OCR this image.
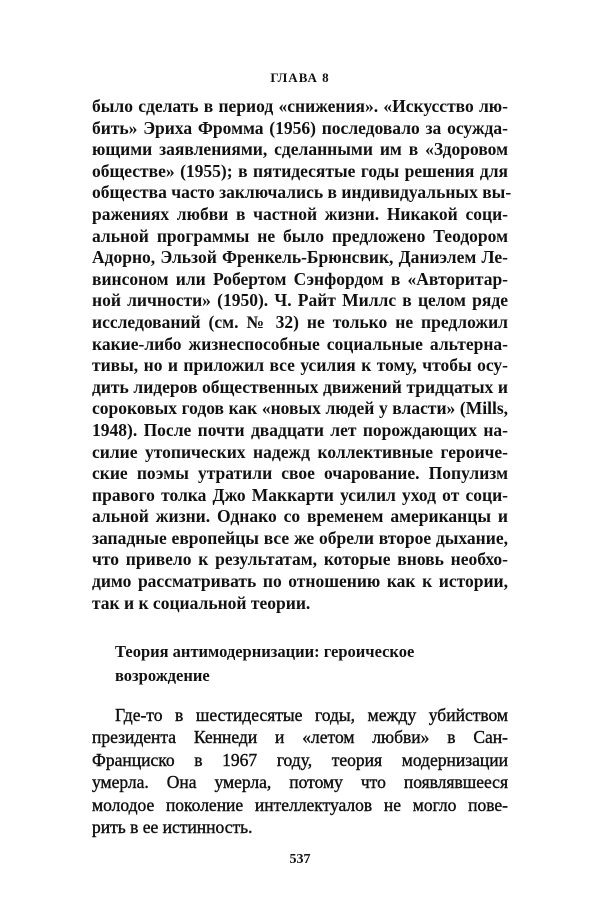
ГЛАВА 8
было сделать в период «снижения». «Искусство лю-
бить» Эриха Фромма (1956) последовало за осужда-
ющими заявлениями, сделанными им в «Здоровом
обществе» (1955); в пятидесятые годы решения для
общества часто заключались в индивидуальных вы-
ражениях любви в частной жизни. Никакой соци-
альной программы не было предложено Теодором
Адорно, Эльзой Френкель-Брюнсвик, Даниэлем Ле-
винсоном или Робертом Сэнфордом в «Авторитар-
ной личности» (1950). Ч. Райт Миллс в целом ряде
исследований (см. № 32) не только не предложил
какие-либо жизнеспособные социальные альтерна-
тивы, но и приложил все усилия к тому, чтобы осу-
дить лидеров общественных движений тридцатых и
сороковых годов как «новых людей у власти» (Mills,
1948). После почти двадцати лет порождающих на-
силие утопических надежд коллективные героиче-
ские поэмы утратили свое очарование. Популизм
правого толка Джо Маккарти усилил уход от соци-
альной жизни. Однако со временем американцы и
западные европейцы все же обрели второе дыхание,
что привело к результатам, которые вновь необхо-
димо рассматривать по отношению как к истории,
так и к социальной теории.
Теория антимодернизации: героическое
возрождение
Где-то в шестидесятые годы, между убийством
президента Кеннеди и «летом любви» в Сан-
Франциско в 1967 году, теория модернизации
умерла. Она умерла, потому что появлявшееся
молодое поколение интеллектуалов не могло пове-
рить в ее истинность.
537
